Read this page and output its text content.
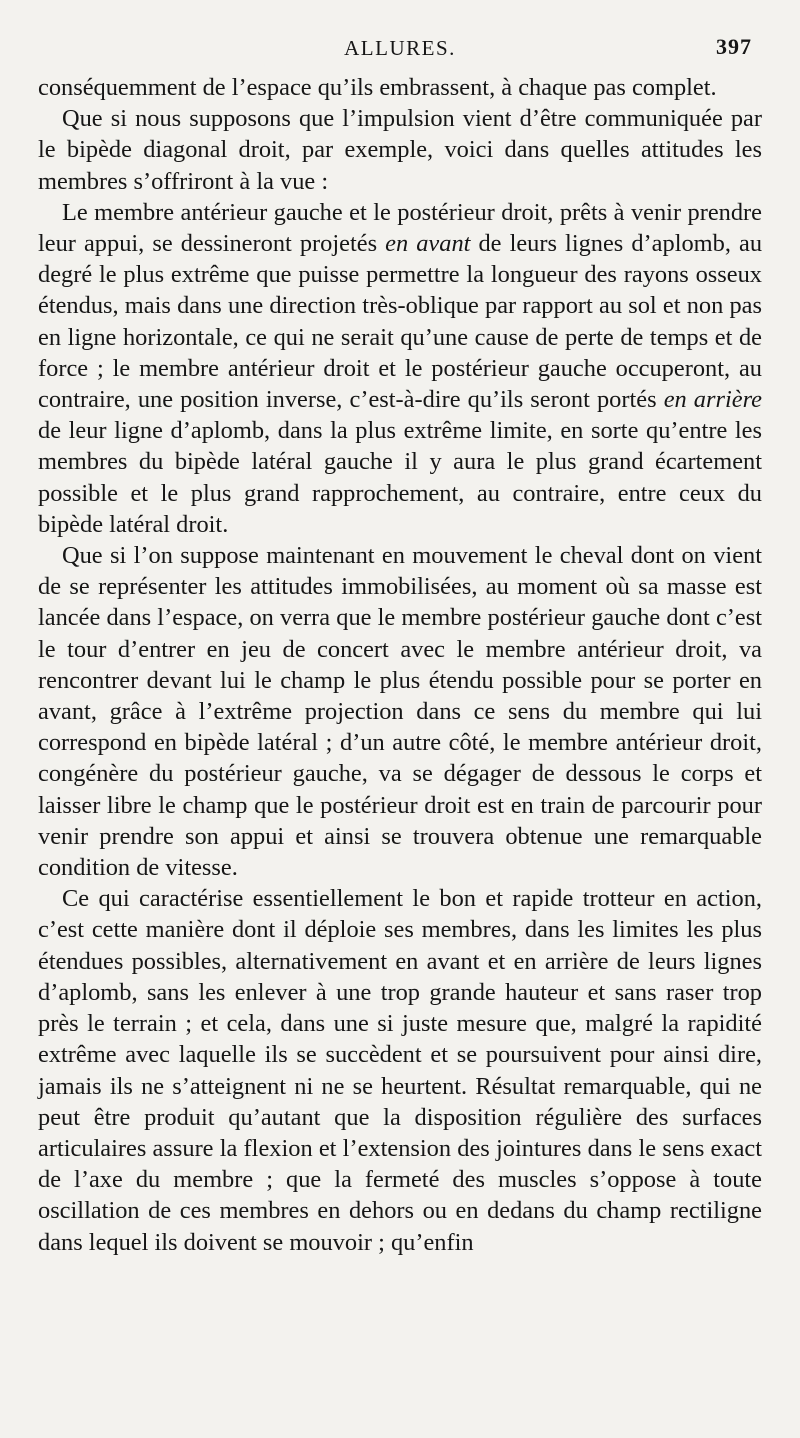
ALLURES.	397

conséquemment de l’espace qu’ils embrassent, à chaque pas complet.

Que si nous supposons que l’impulsion vient d’être communiquée par le bipède diagonal droit, par exemple, voici dans quelles attitudes les membres s’offriront à la vue :

Le membre antérieur gauche et le postérieur droit, prêts à venir prendre leur appui, se dessineront projetés en avant de leurs lignes d’aplomb, au degré le plus extrême que puisse permettre la longueur des rayons osseux étendus, mais dans une direction très-oblique par rapport au sol et non pas en ligne horizontale, ce qui ne serait qu’une cause de perte de temps et de force ; le membre antérieur droit et le postérieur gauche occuperont, au contraire, une position inverse, c’est-à-dire qu’ils seront portés en arrière de leur ligne d’aplomb, dans la plus extrême limite, en sorte qu’entre les membres du bipède latéral gauche il y aura le plus grand écartement possible et le plus grand rapprochement, au contraire, entre ceux du bipède latéral droit.

Que si l’on suppose maintenant en mouvement le cheval dont on vient de se représenter les attitudes immobilisées, au moment où sa masse est lancée dans l’espace, on verra que le membre postérieur gauche dont c’est le tour d’entrer en jeu de concert avec le membre antérieur droit, va rencontrer devant lui le champ le plus étendu possible pour se porter en avant, grâce à l’extrême projection dans ce sens du membre qui lui correspond en bipède latéral ; d’un autre côté, le membre antérieur droit, congénère du postérieur gauche, va se dégager de dessous le corps et laisser libre le champ que le postérieur droit est en train de parcourir pour venir prendre son appui et ainsi se trouvera obtenue une remarquable condition de vitesse.

Ce qui caractérise essentiellement le bon et rapide trotteur en action, c’est cette manière dont il déploie ses membres, dans les limites les plus étendues possibles, alternativement en avant et en arrière de leurs lignes d’aplomb, sans les enlever à une trop grande hauteur et sans raser trop près le terrain ; et cela, dans une si juste mesure que, malgré la rapidité extrême avec laquelle ils se succèdent et se poursuivent pour ainsi dire, jamais ils ne s’atteignent ni ne se heurtent. Résultat remarquable, qui ne peut être produit qu’autant que la disposition régulière des surfaces articulaires assure la flexion et l’extension des jointures dans le sens exact de l’axe du membre ; que la fermeté des muscles s’oppose à toute oscillation de ces membres en dehors ou en dedans du champ rectiligne dans lequel ils doivent se mouvoir ; qu’enfin
